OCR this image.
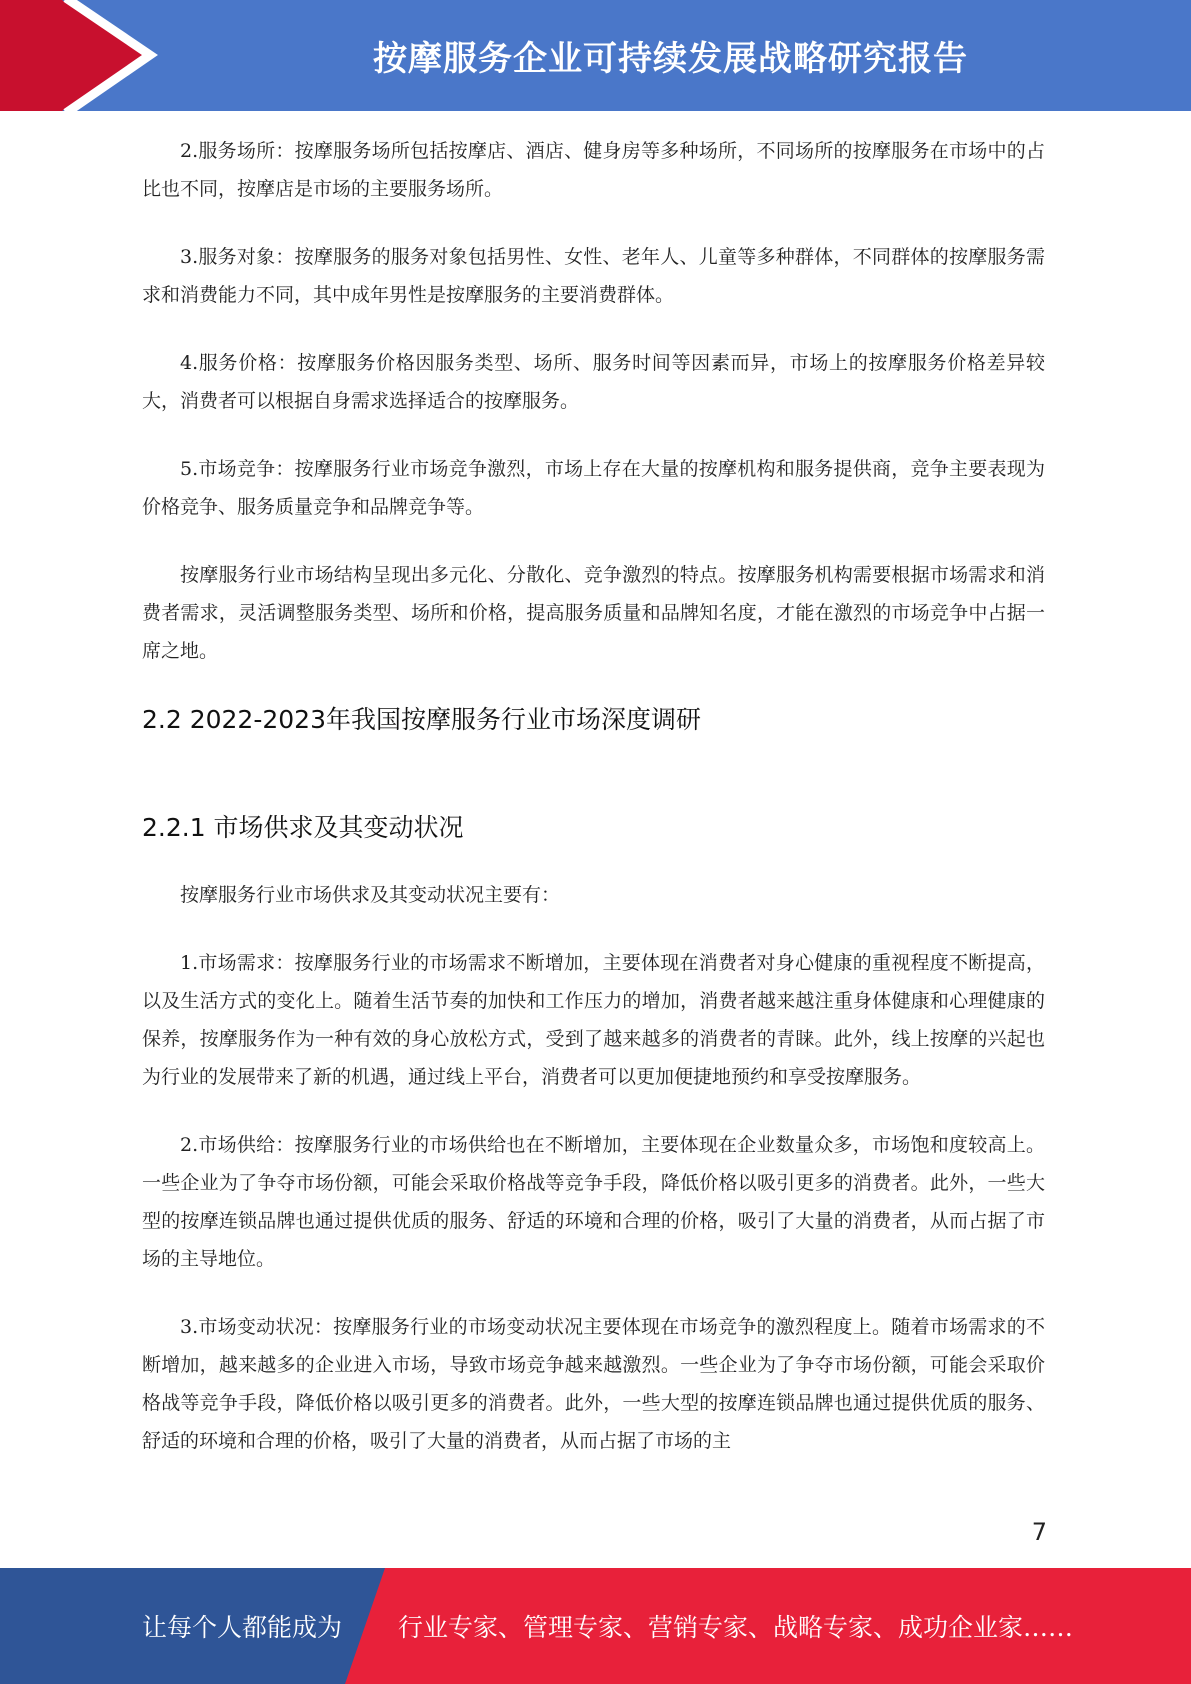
按摩服务企业可持续发展战略研究报告

2.服务场所：按摩服务场所包括按摩店、酒店、健身房等多种场所，不同场所的按摩服务在市场中的占比也不同，按摩店是市场的主要服务场所。

3.服务对象：按摩服务的服务对象包括男性、女性、老年人、儿童等多种群体，不同群体的按摩服务需求和消费能力不同，其中成年男性是按摩服务的主要消费群体。

4.服务价格：按摩服务价格因服务类型、场所、服务时间等因素而异，市场上的按摩服务价格差异较大，消费者可以根据自身需求选择适合的按摩服务。

5.市场竞争：按摩服务行业市场竞争激烈，市场上存在大量的按摩机构和服务提供商，竞争主要表现为价格竞争、服务质量竞争和品牌竞争等。

按摩服务行业市场结构呈现出多元化、分散化、竞争激烈的特点。按摩服务机构需要根据市场需求和消费者需求，灵活调整服务类型、场所和价格，提高服务质量和品牌知名度，才能在激烈的市场竞争中占据一席之地。

2.2 2022-2023年我国按摩服务行业市场深度调研
2.2.1 市场供求及其变动状况

按摩服务行业市场供求及其变动状况主要有：

1.市场需求：按摩服务行业的市场需求不断增加，主要体现在消费者对身心健康的重视程度不断提高，以及生活方式的变化上。随着生活节奏的加快和工作压力的增加，消费者越来越注重身体健康和心理健康的保养，按摩服务作为一种有效的身心放松方式，受到了越来越多的消费者的青睐。此外，线上按摩的兴起也为行业的发展带来了新的机遇，通过线上平台，消费者可以更加便捷地预约和享受按摩服务。

2.市场供给：按摩服务行业的市场供给也在不断增加，主要体现在企业数量众多，市场饱和度较高上。一些企业为了争夺市场份额，可能会采取价格战等竞争手段，降低价格以吸引更多的消费者。此外，一些大型的按摩连锁品牌也通过提供优质的服务、舒适的环境和合理的价格，吸引了大量的消费者，从而占据了市场的主导地位。

3.市场变动状况：按摩服务行业的市场变动状况主要体现在市场竞争的激烈程度上。随着市场需求的不断增加，越来越多的企业进入市场，导致市场竞争越来越激烈。一些企业为了争夺市场份额，可能会采取价格战等竞争手段，降低价格以吸引更多的消费者。此外，一些大型的按摩连锁品牌也通过提供优质的服务、舒适的环境和合理的价格，吸引了大量的消费者，从而占据了市场的主

7
让每个人都能成为 行业专家、管理专家、营销专家、战略专家、成功企业家……
